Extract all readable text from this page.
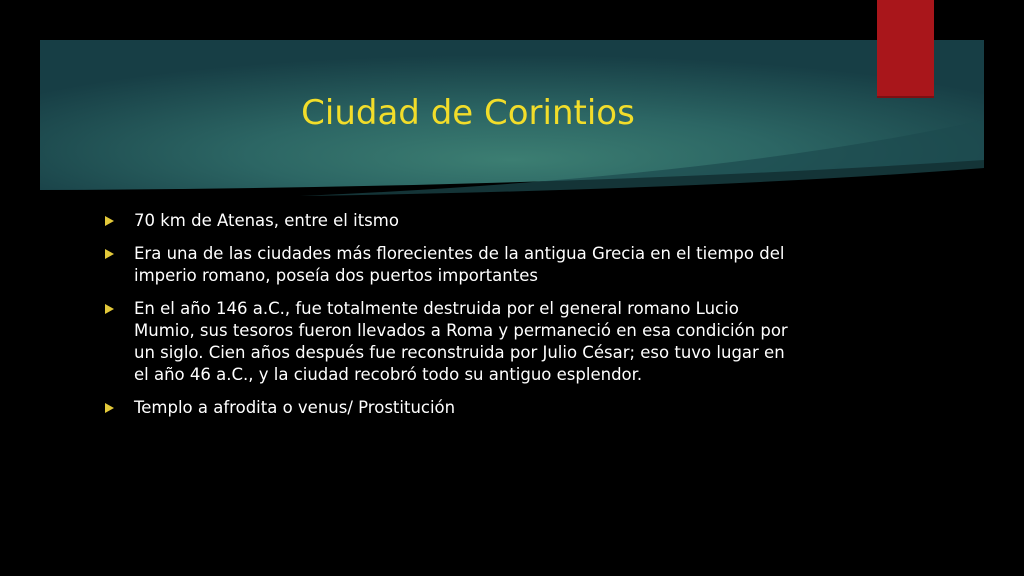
Ciudad de Corintios
70 km de Atenas, entre el itsmo
Era una de las ciudades más florecientes de la antigua Grecia en el tiempo del imperio romano, poseía dos puertos importantes
En el año 146 a.C., fue totalmente destruida por el general romano Lucio Mumio, sus tesoros fueron llevados a Roma y permaneció en esa condición por un siglo. Cien años después fue reconstruida por Julio César; eso tuvo lugar en el año 46 a.C., y la ciudad recobró todo su antiguo esplendor.
Templo a afrodita o venus/ Prostitución
